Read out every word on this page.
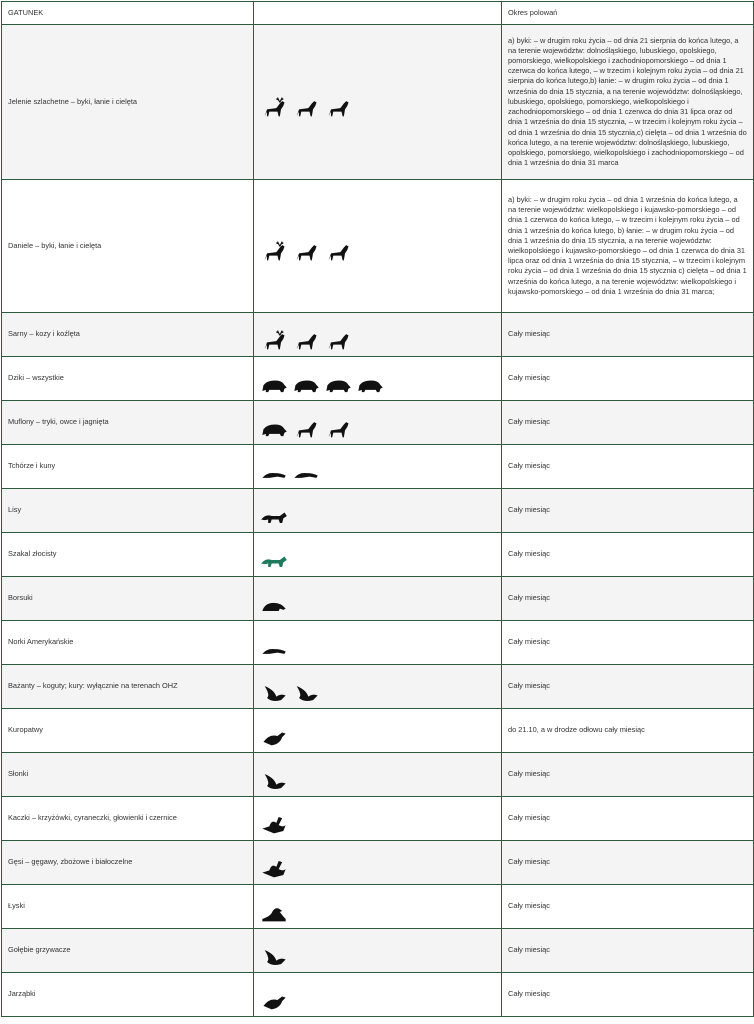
GATUNEK		Okres polowań
Jelenie szlachetne – byki, łanie i cielęta		a) byki: – w drugim roku życia – od dnia 21 sierpnia do końca lutego, a na terenie województw: dolnośląskiego, lubuskiego, opolskiego, pomorskiego, wielkopolskiego i zachodniopomorskiego – od dnia 1 czerwca do końca lutego, – w trzecim i kolejnym roku życia – od dnia 21 sierpnia do końca lutego,b) łanie: – w drugim roku życia – od dnia 1 września do dnia 15 stycznia, a na terenie województw: dolnośląskiego, lubuskiego, opolskiego, pomorskiego, wielkopolskiego i zachodniopomorskiego – od dnia 1 czerwca do dnia 31 lipca oraz od dnia 1 września do dnia 15 stycznia, – w trzecim i kolejnym roku życia – od dnia 1 września do dnia 15 stycznia,c) cielęta – od dnia 1 września do końca lutego, a na terenie województw: dolnośląskiego, lubuskiego, opolskiego, pomorskiego, wielkopolskiego i zachodniopomorskiego – od dnia 1 września do dnia 31 marca
Daniele – byki, łanie i cielęta		a) byki: – w drugim roku życia – od dnia 1 września do końca lutego, a na terenie województw: wielkopolskiego i kujawsko-pomorskiego – od dnia 1 czerwca do końca lutego, – w trzecim i kolejnym roku życia – od dnia 1 września do końca lutego, b) łanie: – w drugim roku życia – od dnia 1 września do dnia 15 stycznia, a na terenie województw: wielkopolskiego i kujawsko-pomorskiego – od dnia 1 czerwca do dnia 31 lipca oraz od dnia 1 września do dnia 15 stycznia, – w trzecim i kolejnym roku życia – od dnia 1 września do dnia 15 stycznia c) cielęta – od dnia 1 września do końca lutego, a na terenie województw: wielkopolskiego i kujawsko-pomorskiego – od dnia 1 września do dnia 31 marca;
Sarny – kozy i koźlęta		Cały miesiąc
Dziki – wszystkie		Cały miesiąc
Muflony – tryki, owce i jagnięta		Cały miesiąc
Tchórze i kuny		Cały miesiąc
Lisy		Cały miesiąc
Szakal złocisty		Cały miesiąc
Borsuki		Cały miesiąc
Norki Amerykańskie		Cały miesiąc
Bażanty – koguty; kury: wyłącznie na terenach OHZ		Cały miesiąc
Kuropatwy		do 21.10, a w drodze odłowu cały miesiąc
Słonki		Cały miesiąc
Kaczki – krzyżówki, cyraneczki, głowienki i czernice		Cały miesiąc
Gęsi – gęgawy, zbożowe i białoczelne		Cały miesiąc
Łyski		Cały miesiąc
Gołębie grzywacze		Cały miesiąc
Jarząbki		Cały miesiąc
